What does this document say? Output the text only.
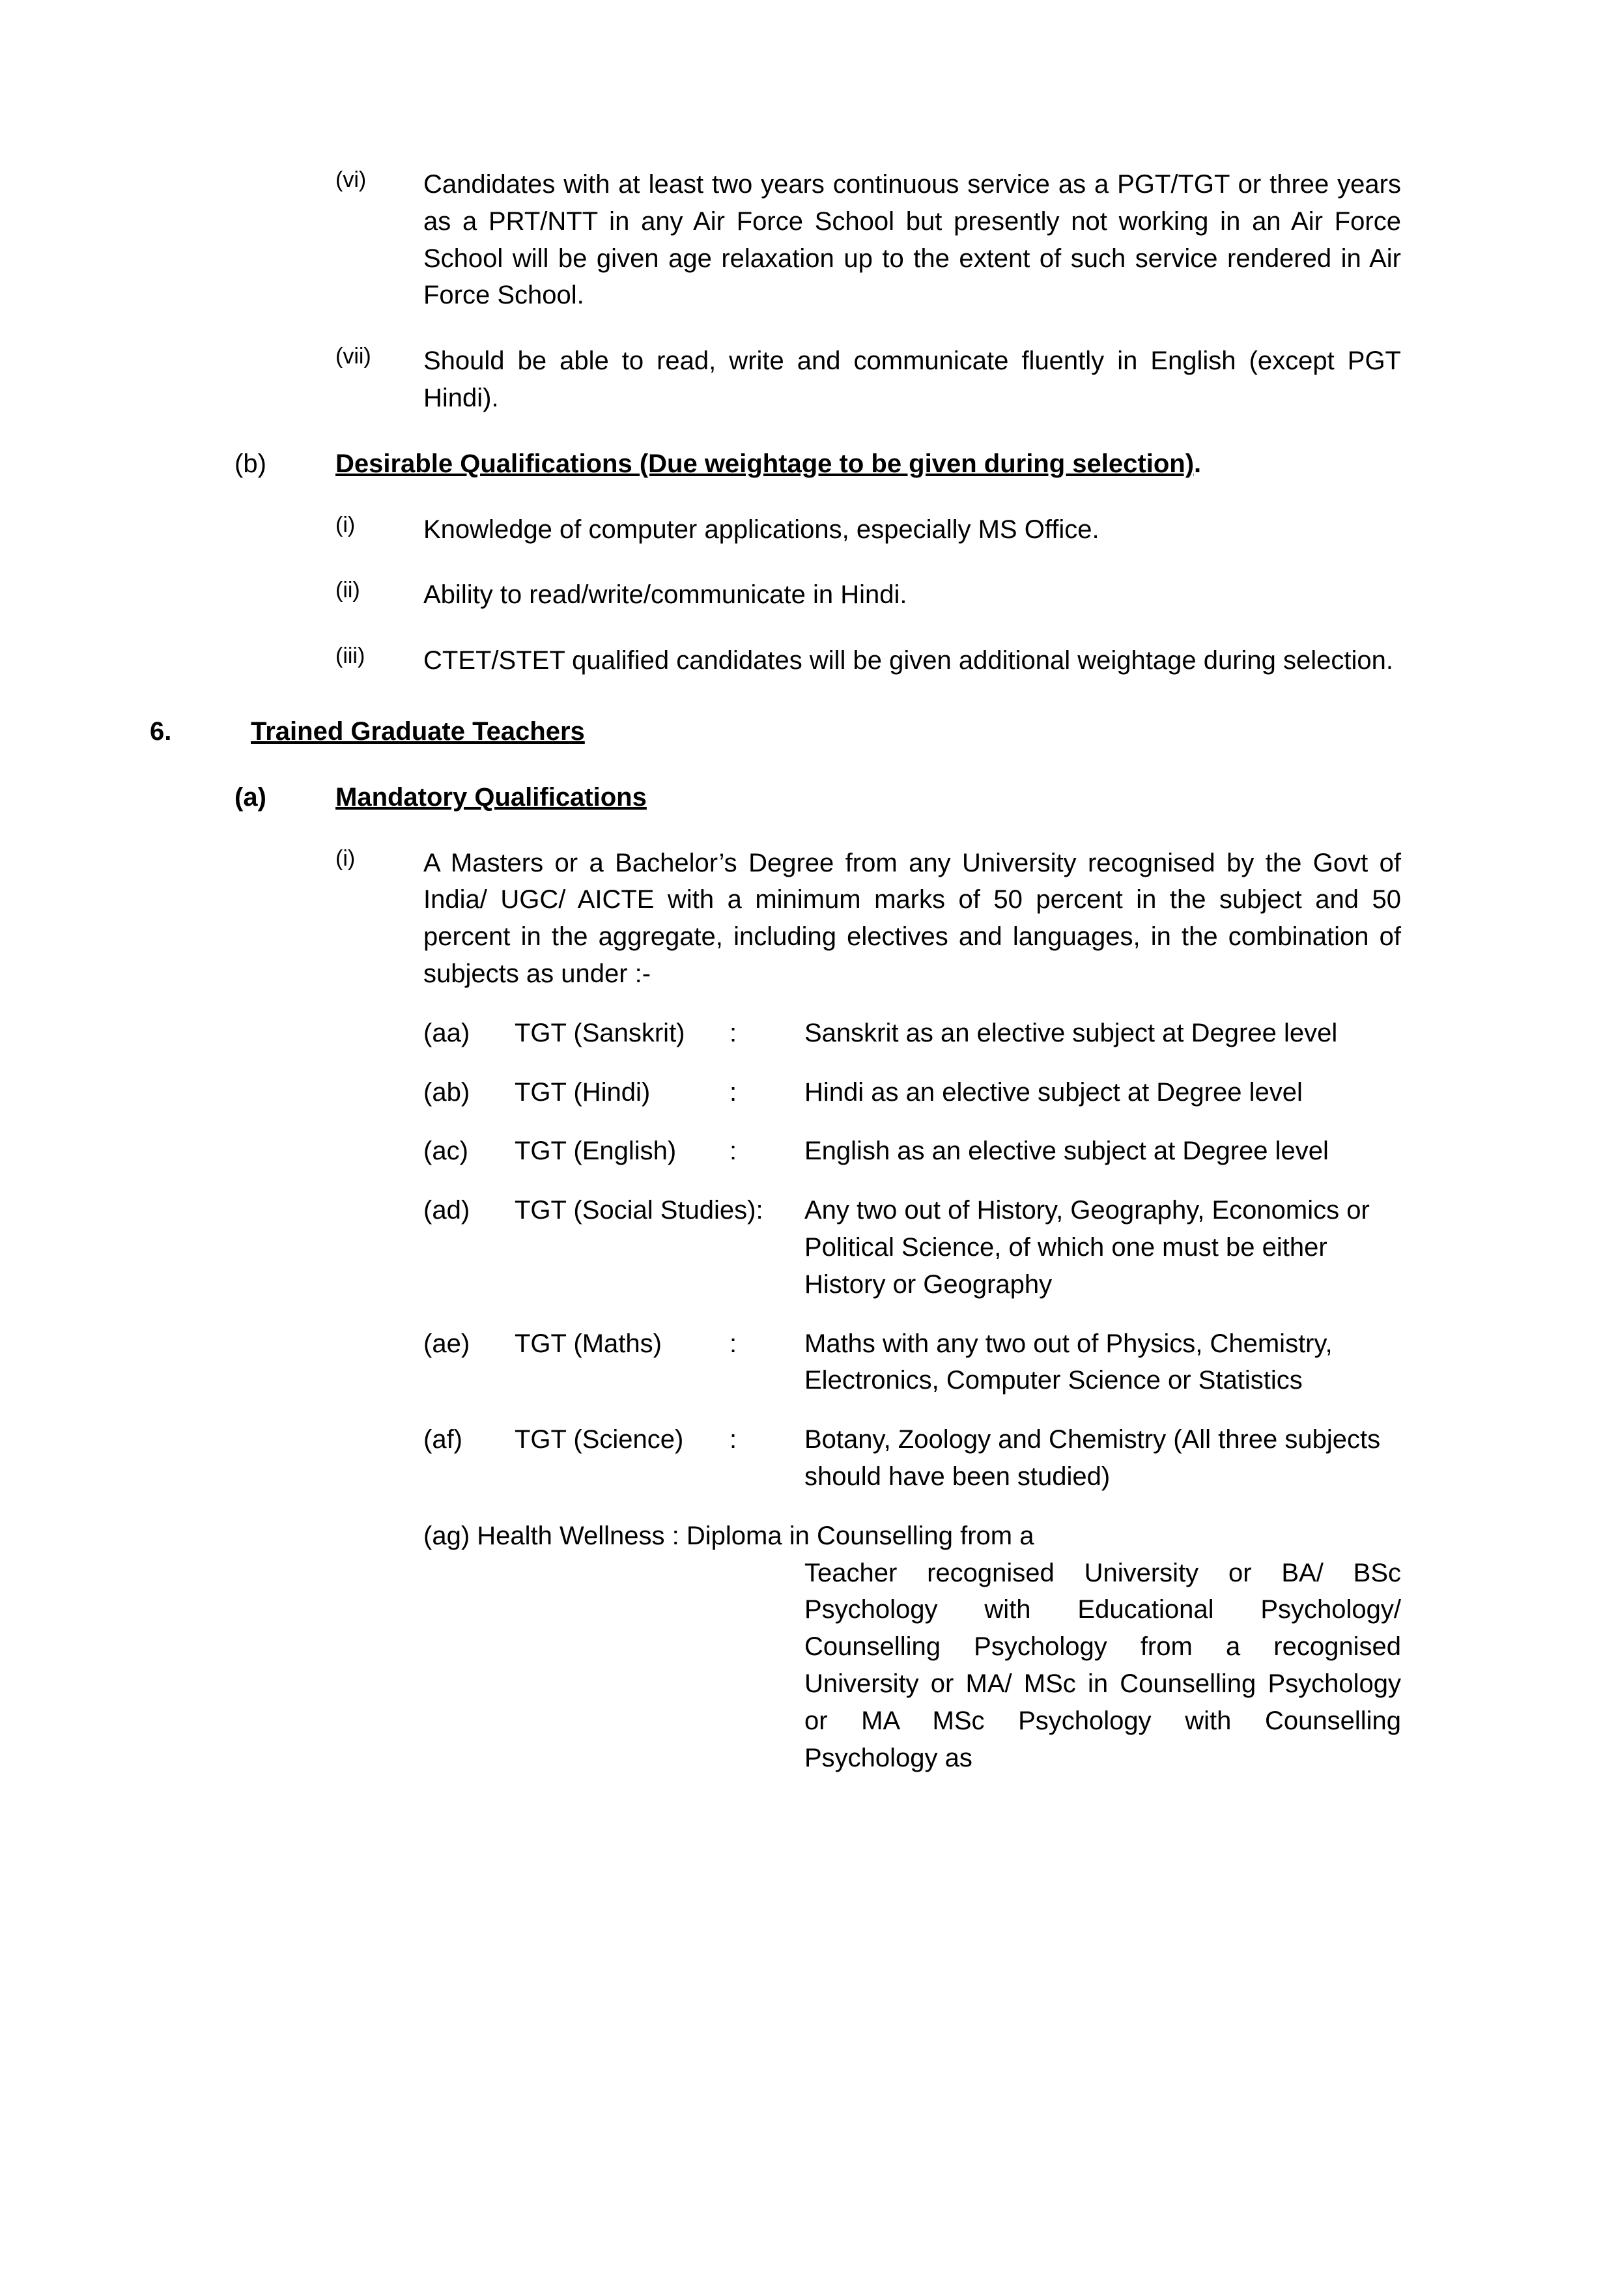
(vi)	Candidates with at least two years continuous service as a PGT/TGT or three years as a PRT/NTT in any Air Force School but presently not working in an Air Force School will be given age relaxation up to the extent of such service rendered in Air Force School.
(vii)	Should be able to read, write and communicate fluently in English (except PGT Hindi).
(b)	Desirable Qualifications (Due weightage to be given during selection).
(i)	Knowledge of computer applications, especially MS Office.
(ii)	Ability to read/write/communicate in Hindi.
(iii)	CTET/STET qualified candidates will be given additional weightage during selection.
6.	Trained Graduate Teachers
(a)	Mandatory Qualifications
(i)	A Masters or a Bachelor’s Degree from any University recognised by the Govt of India/ UGC/ AICTE with a minimum marks of 50 percent in the subject and 50 percent in the aggregate, including electives and languages, in the combination of subjects as under :-
(aa)	TGT (Sanskrit)	:	Sanskrit as an elective subject at Degree level
(ab)	TGT (Hindi)	:	Hindi as an elective subject at Degree level
(ac)	TGT (English)	:	English as an elective subject at Degree level
(ad)	TGT (Social Studies):		Any two out of History, Geography, Economics or Political Science, of which one must be either History or Geography
(ae)	TGT (Maths)	:	Maths with any two out of Physics, Chemistry, Electronics, Computer Science or Statistics
(af)	TGT (Science)	:	Botany, Zoology and Chemistry (All three subjects should have been studied)
(ag) Health Wellness : Diploma in Counselling from a			
			Teacher recognised University or BA/ BSc Psychology with Educational Psychology/ Counselling Psychology from a recognised University or MA/ MSc in Counselling Psychology or MA MSc Psychology with Counselling Psychology as
